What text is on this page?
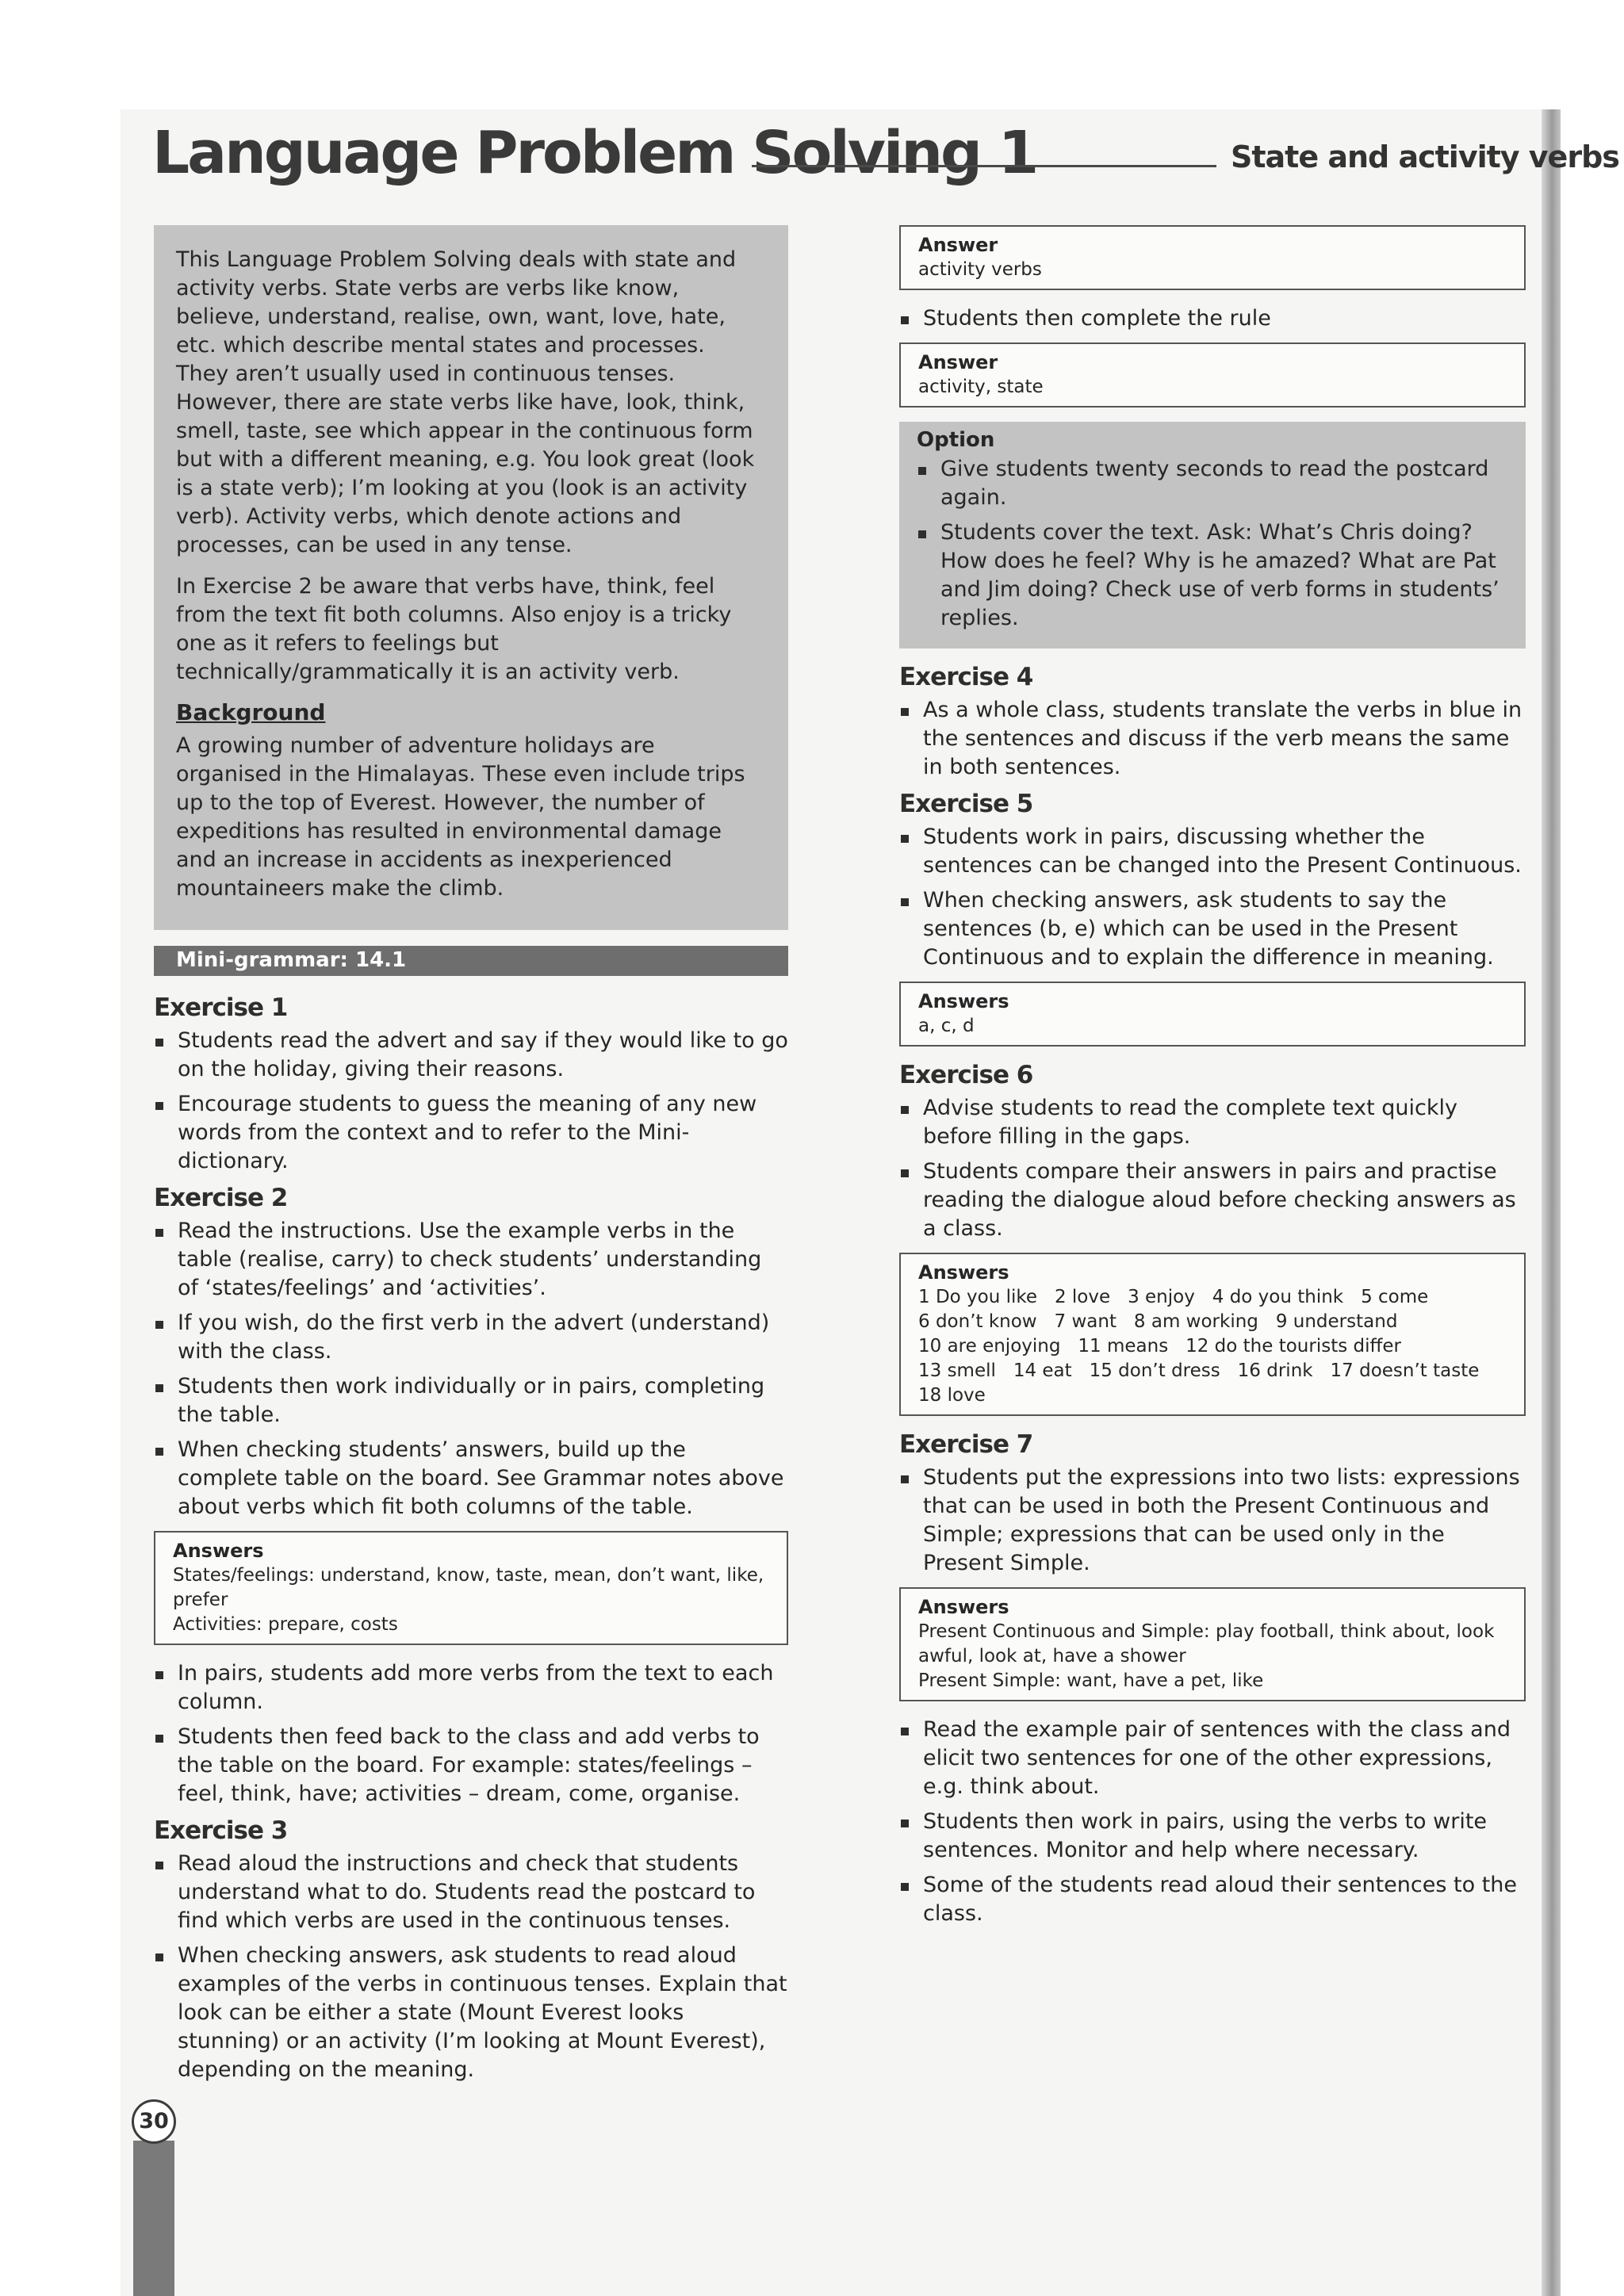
Language Problem Solving 1	State and activity verbs

This Language Problem Solving deals with state and activity verbs. State verbs are verbs like know, believe, understand, realise, own, want, love, hate, etc. which describe mental states and processes. They aren’t usually used in continuous tenses. However, there are state verbs like have, look, think, smell, taste, see which appear in the continuous form but with a different meaning, e.g. You look great (look is a state verb); I’m looking at you (look is an activity verb). Activity verbs, which denote actions and processes, can be used in any tense.

In Exercise 2 be aware that verbs have, think, feel from the text fit both columns. Also enjoy is a tricky one as it refers to feelings but technically/grammatically it is an activity verb.

Background

A growing number of adventure holidays are organised in the Himalayas. These even include trips up to the top of Everest. However, the number of expeditions has resulted in environmental damage and an increase in accidents as inexperienced mountaineers make the climb.

Mini-grammar: 14.1
Exercise 1
Students read the advert and say if they would like to go on the holiday, giving their reasons.
Encourage students to guess the meaning of any new words from the context and to refer to the Mini-dictionary.
Exercise 2
Read the instructions. Use the example verbs in the table (realise, carry) to check students’ understanding of ‘states/feelings’ and ‘activities’.
If you wish, do the first verb in the advert (understand) with the class.
Students then work individually or in pairs, completing the table.
When checking students’ answers, build up the complete table on the board. See Grammar notes above about verbs which fit both columns of the table.
Answers
States/feelings: understand, know, taste, mean, don’t want, like, prefer
Activities: prepare, costs
In pairs, students add more verbs from the text to each column.
Students then feed back to the class and add verbs to the table on the board. For example: states/feelings – feel, think, have; activities – dream, come, organise.
Exercise 3
Read aloud the instructions and check that students understand what to do. Students read the postcard to find which verbs are used in the continuous tenses.
When checking answers, ask students to read aloud examples of the verbs in continuous tenses. Explain that look can be either a state (Mount Everest looks stunning) or an activity (I’m looking at Mount Everest), depending on the meaning.
Answer
activity verbs
Students then complete the rule
Answer
activity, state
Option
Give students twenty seconds to read the postcard again.
Students cover the text. Ask: What’s Chris doing? How does he feel? Why is he amazed? What are Pat and Jim doing? Check use of verb forms in students’ replies.
Exercise 4
As a whole class, students translate the verbs in blue in the sentences and discuss if the verb means the same in both sentences.
Exercise 5
Students work in pairs, discussing whether the sentences can be changed into the Present Continuous.
When checking answers, ask students to say the sentences (b, e) which can be used in the Present Continuous and to explain the difference in meaning.
Answers
a, c, d
Exercise 6
Advise students to read the complete text quickly before filling in the gaps.
Students compare their answers in pairs and practise reading the dialogue aloud before checking answers as a class.
Answers
1 Do you like   2 love   3 enjoy   4 do you think   5 come
6 don’t know   7 want   8 am working   9 understand
10 are enjoying   11 means   12 do the tourists differ
13 smell   14 eat   15 don’t dress   16 drink   17 doesn’t taste
18 love
Exercise 7
Students put the expressions into two lists: expressions that can be used in both the Present Continuous and Simple; expressions that can be used only in the Present Simple.
Answers
Present Continuous and Simple: play football, think about, look awful, look at, have a shower
Present Simple: want, have a pet, like
Read the example pair of sentences with the class and elicit two sentences for one of the other expressions, e.g. think about.
Students then work in pairs, using the verbs to write sentences. Monitor and help where necessary.
Some of the students read aloud their sentences to the class.
30
